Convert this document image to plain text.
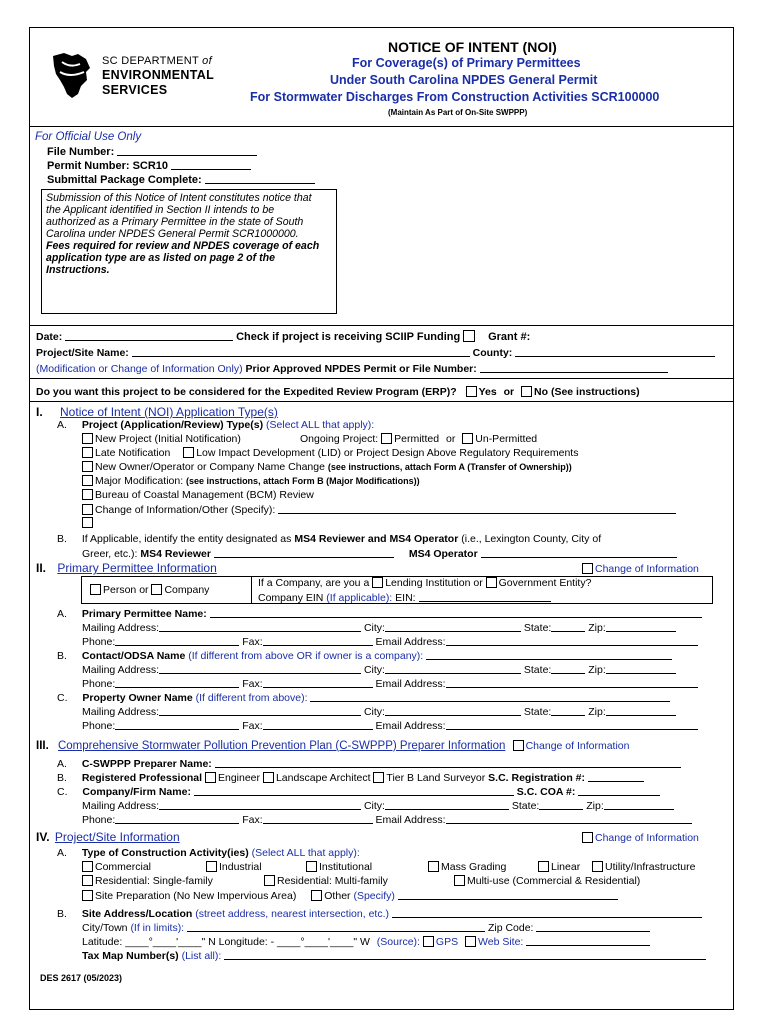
SC DEPARTMENT of
ENVIRONMENTAL
SERVICES
NOTICE OF INTENT (NOI)
For Coverage(s) of Primary Permittees
Under South Carolina NPDES General Permit
For Stormwater Discharges From Construction Activities SCR100000
(Maintain As Part of On-Site SWPPP)
For Official Use Only
File Number:
Permit Number: SCR10
Submittal Package Complete:
Submission of this Notice of Intent constitutes notice that
the Applicant identified in Section II intends to be
authorized as a Primary Permittee in the state of South
Carolina under NPDES General Permit SCR1000000.
Fees required for review and NPDES coverage of each
application type are as listed on page 2 of the
Instructions.
Date:	Check if project is receiving SCIIP Funding	Grant #:
Project/Site Name:	County:
(Modification or Change of Information Only) Prior Approved NPDES Permit or File Number:
Do you want this project to be considered for the Expedited Review Program (ERP)? Yes or No (See instructions)
I. Notice of Intent (NOI) Application Type(s)
A. Project (Application/Review) Type(s) (Select ALL that apply):
New Project (Initial Notification)	Ongoing Project: Permitted or Un-Permitted
Late Notification Low Impact Development (LID) or Project Design Above Regulatory Requirements
New Owner/Operator or Company Name Change (see instructions, attach Form A (Transfer of Ownership))
Major Modification: (see instructions, attach Form B (Major Modifications))
Bureau of Coastal Management (BCM) Review
Change of Information/Other (Specify):
B. If Applicable, identify the entity designated as MS4 Reviewer and MS4 Operator (i.e., Lexington County, City of
Greer, etc.): MS4 Reviewer	MS4 Operator
II. Primary Permittee Information	Change of Information
Person or Company
If a Company, are you a Lending Institution or Government Entity?
Company EIN (If applicable): EIN:
A. Primary Permittee Name:
Mailing Address:	City:	State:	Zip:
Phone:	Fax:	Email Address:
B. Contact/ODSA Name (If different from above OR if owner is a company):
Mailing Address:	City:	State:	Zip:
Phone:	Fax:	Email Address:
C. Property Owner Name (If different from above):
Mailing Address:	City:	State:	Zip:
Phone:	Fax:	Email Address:
III. Comprehensive Stormwater Pollution Prevention Plan (C-SWPPP) Preparer Information Change of Information
A. C-SWPPP Preparer Name:
B. Registered Professional Engineer Landscape Architect Tier B Land Surveyor S.C. Registration #:
C. Company/Firm Name:	S.C. COA #:
Mailing Address:	City:	State:	Zip:
Phone:	Fax:	Email Address:
IV. Project/Site Information	Change of Information
A. Type of Construction Activity(ies) (Select ALL that apply):
Commercial	Industrial	Institutional	Mass Grading	Linear	Utility/Infrastructure
Residential: Single-family	Residential: Multi-family	Multi-use (Commercial & Residential)
Site Preparation (No New Impervious Area)	Other (Specify)
B. Site Address/Location (street address, nearest intersection, etc.)
City/Town (If in limits):	Zip Code:
Latitude: ____°____'____" N Longitude: - ____°____'____" W (Source): GPS Web Site:
Tax Map Number(s) (List all):
DES 2617 (05/2023)
